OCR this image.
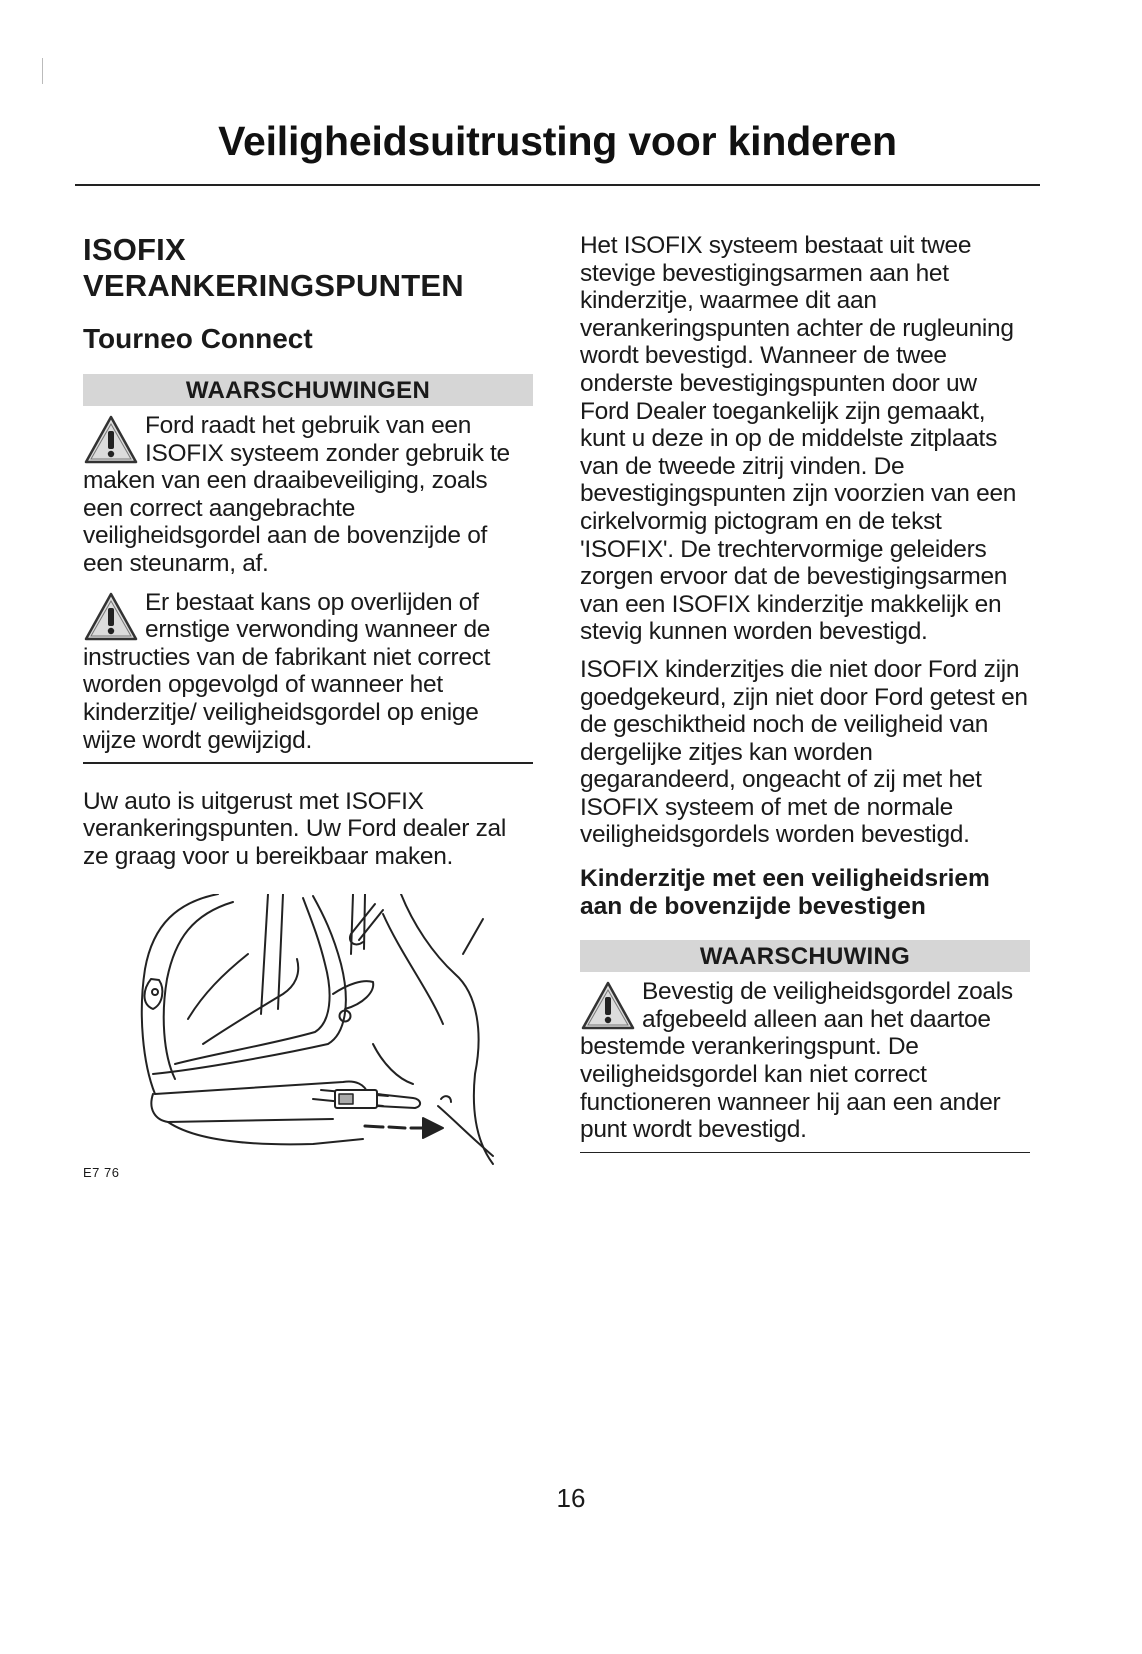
Veiligheidsuitrusting voor kinderen
ISOFIX VERANKERINGSPUNTEN
Tourneo Connect
WAARSCHUWINGEN

Ford raadt het gebruik van een ISOFIX systeem zonder gebruik te maken van een draaibeveiliging, zoals een correct aangebrachte veiligheidsgordel aan de bovenzijde of een steunarm, af.

Er bestaat kans op overlijden of ernstige verwonding wanneer de instructies van de fabrikant niet correct worden opgevolgd of wanneer het kinderzitje/ veiligheidsgordel op enige wijze wordt gewijzigd.

Uw auto is uitgerust met ISOFIX verankeringspunten. Uw Ford dealer zal ze graag voor u bereikbaar maken.

E7 76

Het ISOFIX systeem bestaat uit twee stevige bevestigingsarmen aan het kinderzitje, waarmee dit aan verankeringspunten achter de rugleuning wordt bevestigd. Wanneer de twee onderste bevestigingspunten door uw Ford Dealer toegankelijk zijn gemaakt, kunt u deze in op de middelste zitplaats van de tweede zitrij vinden. De bevestigingspunten zijn voorzien van een cirkelvormig pictogram en de tekst 'ISOFIX'. De trechtervormige geleiders zorgen ervoor dat de bevestigingsarmen van een ISOFIX kinderzitje makkelijk en stevig kunnen worden bevestigd.

ISOFIX kinderzitjes die niet door Ford zijn goedgekeurd, zijn niet door Ford getest en de geschiktheid noch de veiligheid van dergelijke zitjes kan worden gegarandeerd, ongeacht of zij met het ISOFIX systeem of met de normale veiligheidsgordels worden bevestigd.

Kinderzitje met een veiligheidsriem aan de bovenzijde bevestigen
WAARSCHUWING

Bevestig de veiligheidsgordel zoals afgebeeld alleen aan het daartoe bestemde verankeringspunt. De veiligheidsgordel kan niet correct functioneren wanneer hij aan een ander punt wordt bevestigd.

16
